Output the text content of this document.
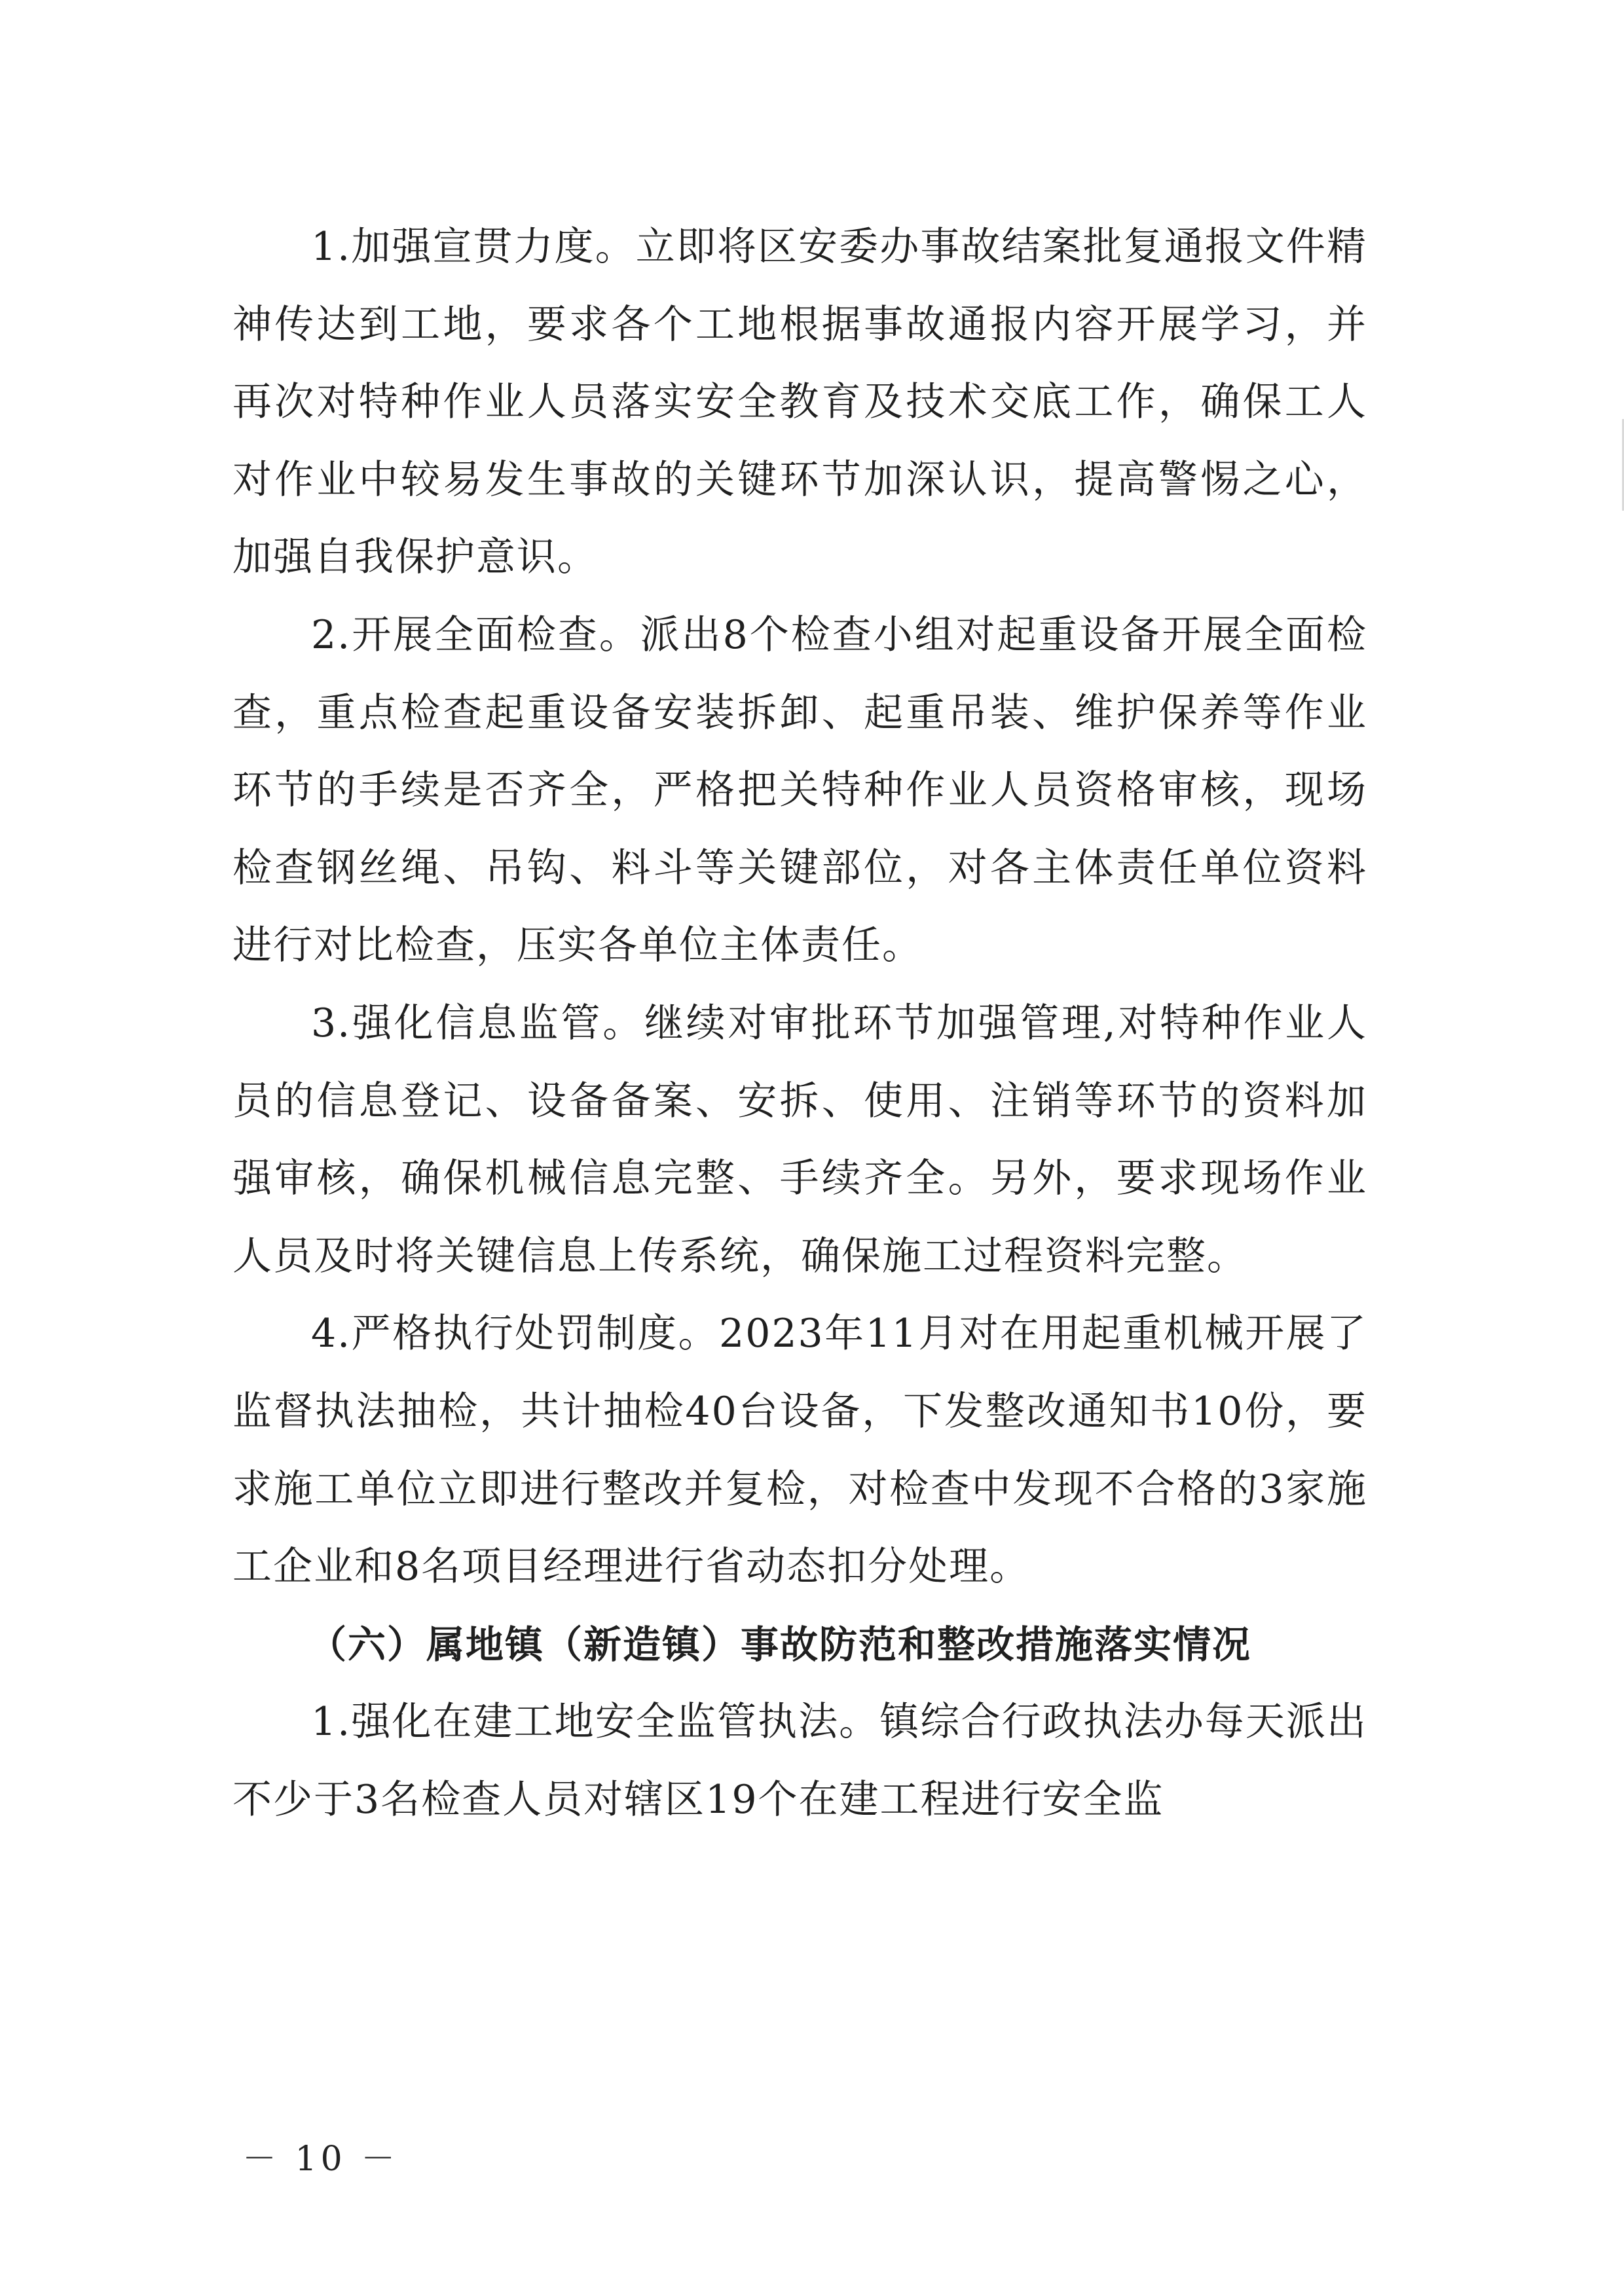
1.加强宣贯力度。立即将区安委办事故结案批复通报文件精神传达到工地，要求各个工地根据事故通报内容开展学习，并再次对特种作业人员落实安全教育及技术交底工作，确保工人对作业中较易发生事故的关键环节加深认识，提高警惕之心，加强自我保护意识。

2.开展全面检查。派出8个检查小组对起重设备开展全面检查，重点检查起重设备安装拆卸、起重吊装、维护保养等作业环节的手续是否齐全，严格把关特种作业人员资格审核，现场检查钢丝绳、吊钩、料斗等关键部位，对各主体责任单位资料进行对比检查，压实各单位主体责任。

3.强化信息监管。继续对审批环节加强管理,对特种作业人员的信息登记、设备备案、安拆、使用、注销等环节的资料加强审核，确保机械信息完整、手续齐全。另外，要求现场作业人员及时将关键信息上传系统，确保施工过程资料完整。

4.严格执行处罚制度。2023年11月对在用起重机械开展了监督执法抽检，共计抽检40台设备，下发整改通知书10份，要求施工单位立即进行整改并复检，对检查中发现不合格的3家施工企业和8名项目经理进行省动态扣分处理。

（六）属地镇（新造镇）事故防范和整改措施落实情况

1.强化在建工地安全监管执法。镇综合行政执法办每天派出不少于3名检查人员对辖区19个在建工程进行安全监

－ 10 －
